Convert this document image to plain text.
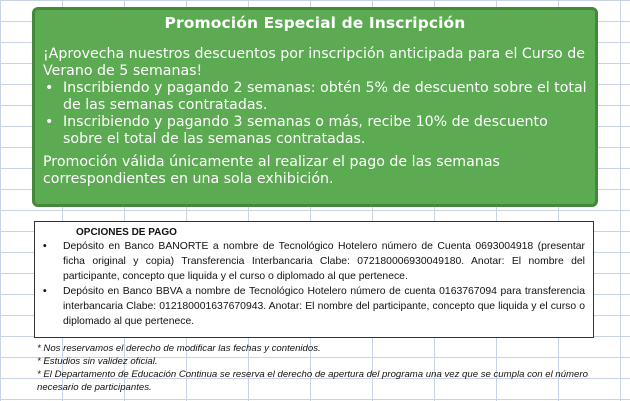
Promoción Especial de Inscripción

¡Aprovecha nuestros descuentos por inscripción anticipada para el Curso de Verano de 5 semanas!

• Inscribiendo y pagando 2 semanas: obtén 5% de descuento sobre el total de las semanas contratadas.
• Inscribiendo y pagando 3 semanas o más, recibe 10% de descuento sobre el total de las semanas contratadas.

Promoción válida únicamente al realizar el pago de las semanas correspondientes en una sola exhibición.

OPCIONES DE PAGO
• Depósito en Banco BANORTE a nombre de Tecnológico Hotelero número de Cuenta 0693004918 (presentar ficha original y copia) Transferencia Interbancaria Clabe: 072180006930049180. Anotar: El nombre del participante, concepto que liquida y el curso o diplomado al que pertenece.
• Depósito en Banco BBVA a nombre de Tecnológico Hotelero número de cuenta 0163767094 para transferencia interbancaria Clabe: 012180001637670943. Anotar: El nombre del participante, concepto que liquida y el curso o diplomado al que pertenece.

* Nos reservamos el derecho de modificar las fechas y contenidos.

* Estudios sin validez oficial.

* El Departamento de Educación Continua se reserva el derecho de apertura del programa una vez que se cumpla con el número necesario de participantes.
